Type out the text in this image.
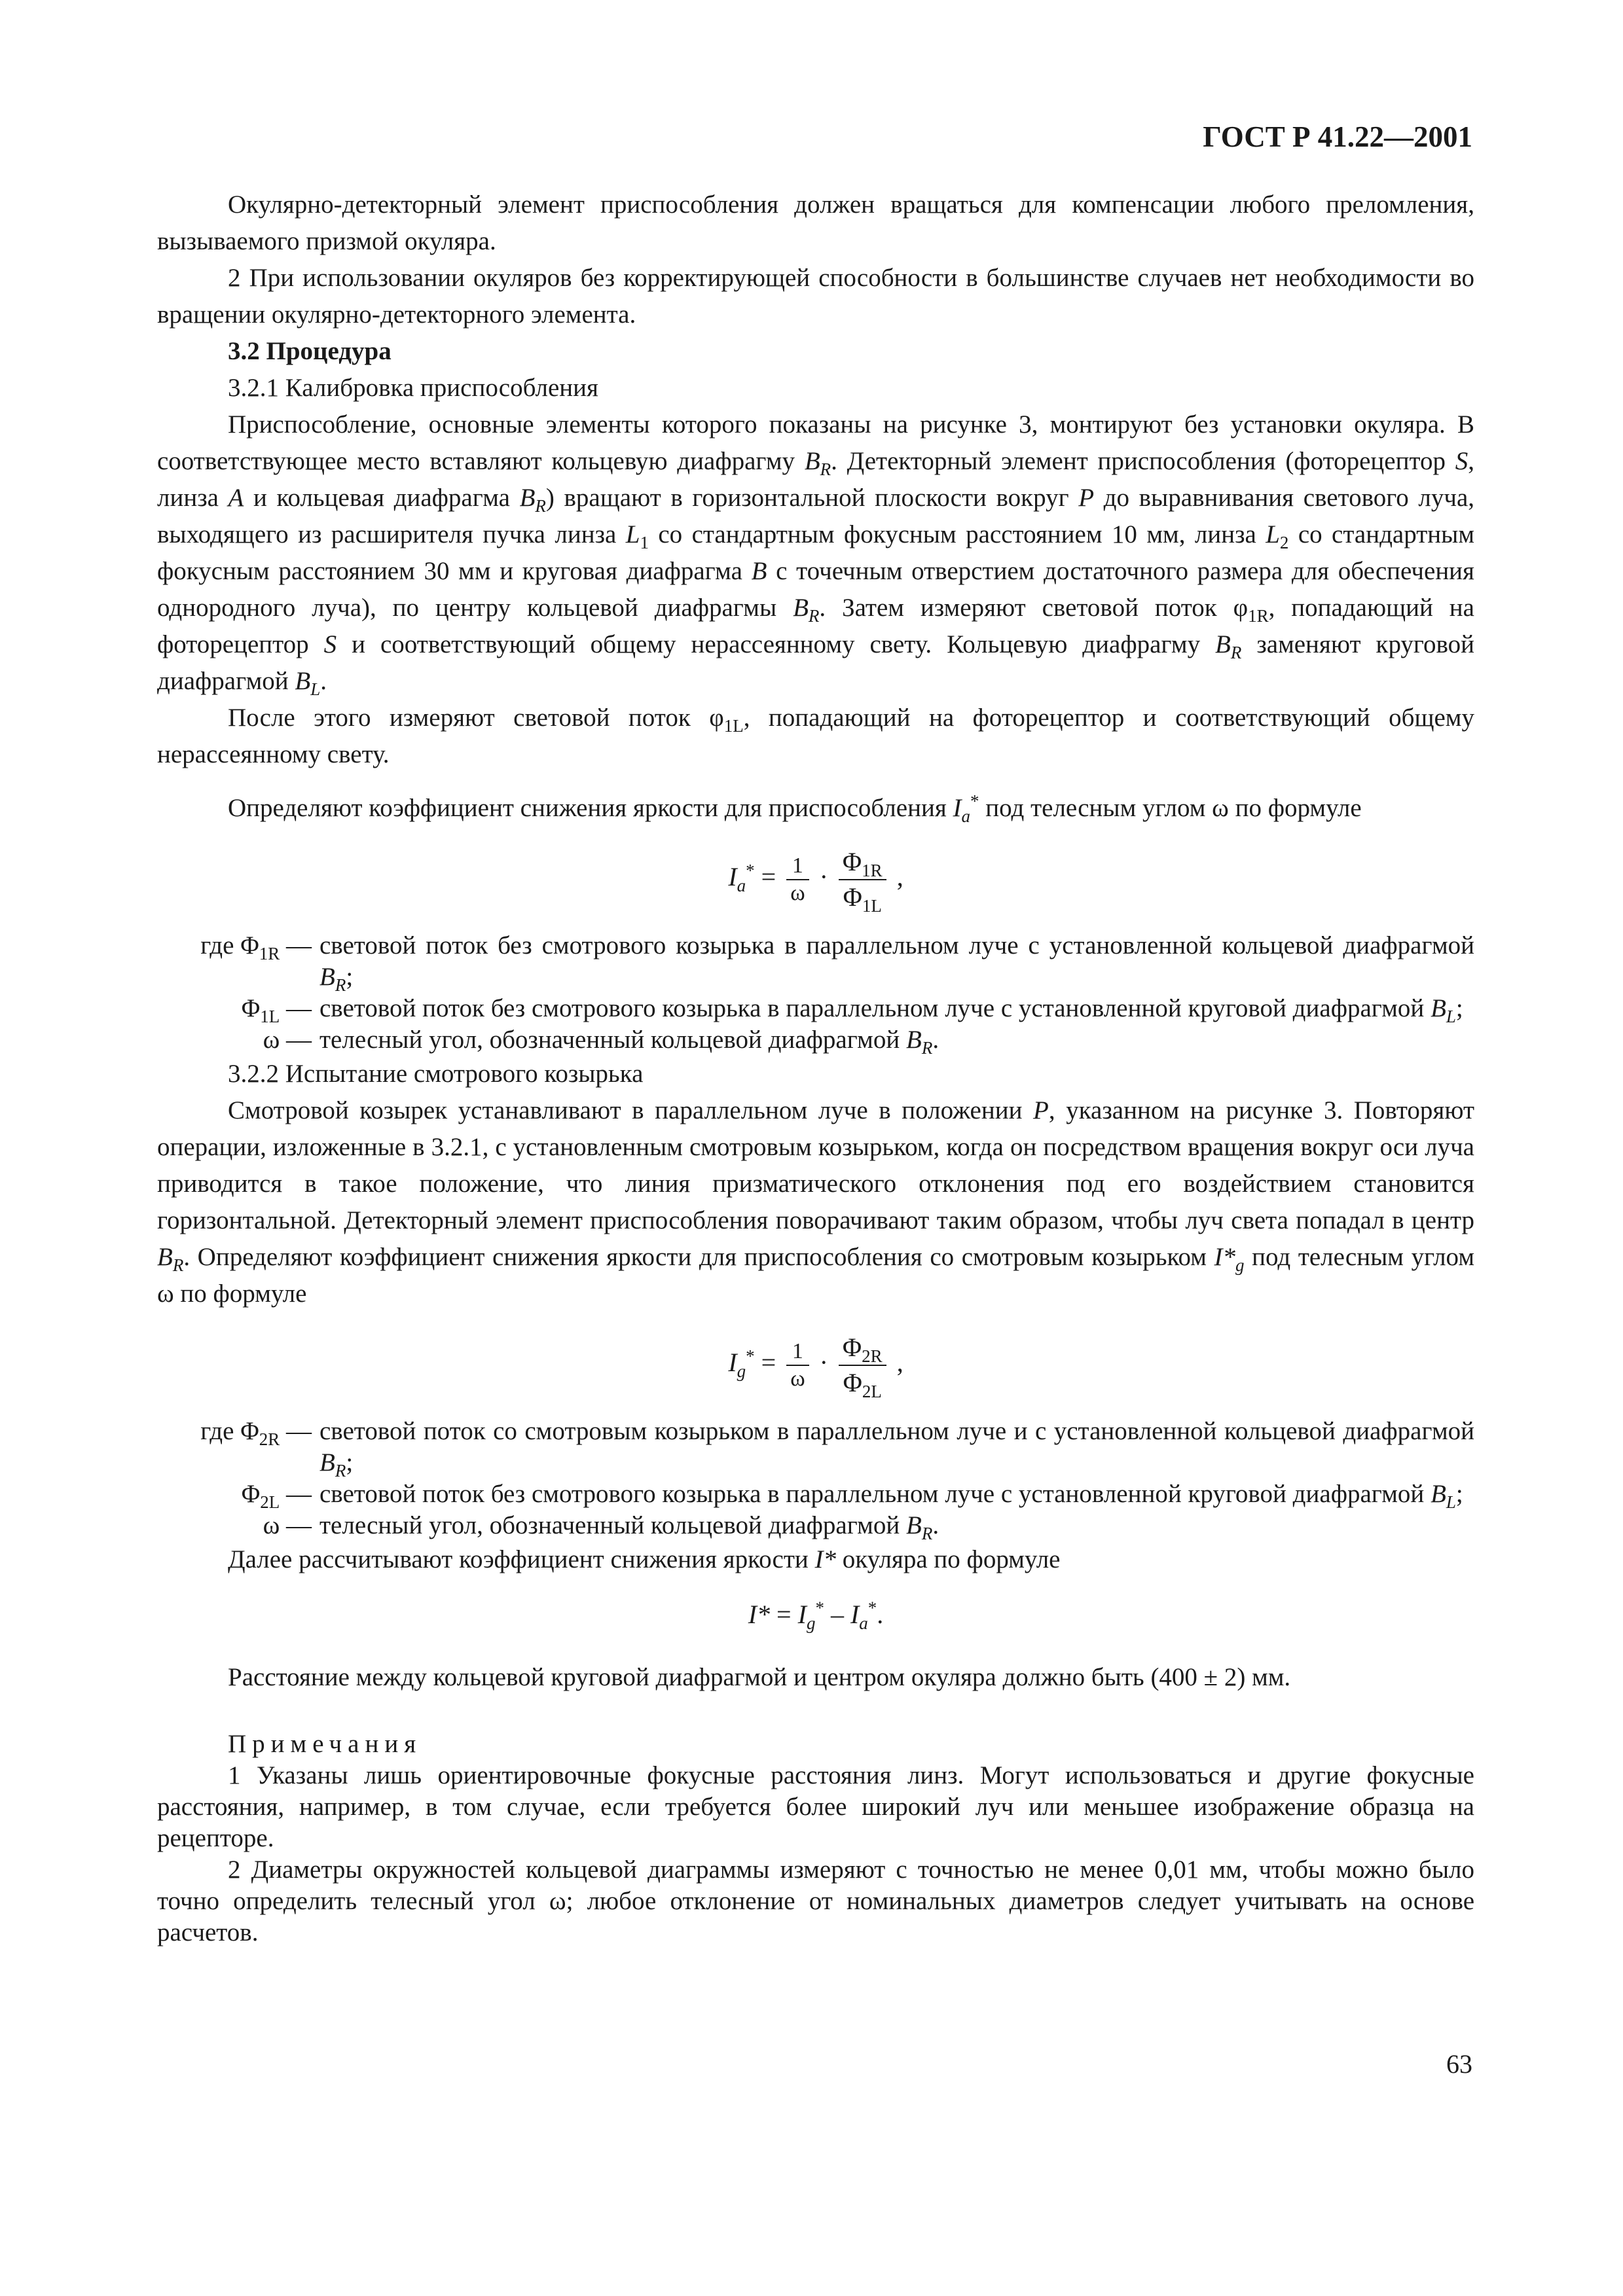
ГОСТ Р 41.22—2001

Окулярно-детекторный элемент приспособления должен вращаться для компенсации любого преломления, вызываемого призмой окуляра.

2 При использовании окуляров без корректирующей способности в большинстве случаев нет необходимости во вращении окулярно-детекторного элемента.

3.2 Процедура

3.2.1 Калибровка приспособления

Приспособление, основные элементы которого показаны на рисунке 3, монтируют без установки окуляра. В соответствующее место вставляют кольцевую диафрагму $B_R$. Детекторный элемент приспособления (фоторецептор S, линза A и кольцевая диафрагма $B_R$) вращают в горизонтальной плоскости вокруг P до выравнивания светового луча, выходящего из расширителя пучка линза $L_1$ со стандартным фокусным расстоянием 10 мм, линза $L_2$ со стандартным фокусным расстоянием 30 мм и круговая диафрагма B с точечным отверстием достаточного размера для обеспечения однородного луча), по центру кольцевой диафрагмы $B_R$. Затем измеряют световой поток $\varphi_{1R}$, попадающий на фоторецептор S и соответствующий общему нерассеянному свету. Кольцевую диафрагму $B_R$ заменяют круговой диафрагмой $B_L$.

После этого измеряют световой поток $\varphi_{1L}$, попадающий на фоторецептор и соответствующий общему нерассеянному свету.

Определяют коэффициент снижения яркости для приспособления $I_a^*$ под телесным углом ω по формуле

$I_a^* = \frac{1}{\omega} \cdot \frac{\Phi_{1R}}{\Phi_{1L}}$ ,
где $\Phi_{1R}$ — световой поток без смотрового козырька в параллельном луче с установленной кольцевой диафрагмой $B_R$;
$\Phi_{1L}$ — световой поток без смотрового козырька в параллельном луче с установленной круговой диафрагмой $B_L$;
ω — телесный угол, обозначенный кольцевой диафрагмой $B_R$.

3.2.2 Испытание смотрового козырька

Смотровой козырек устанавливают в параллельном луче в положении P, указанном на рисунке 3. Повторяют операции, изложенные в 3.2.1, с установленным смотровым козырьком, когда он посредством вращения вокруг оси луча приводится в такое положение, что линия призматического отклонения под его воздействием становится горизонтальной. Детекторный элемент приспособления поворачивают таким образом, чтобы луч света попадал в центр $B_R$. Определяют коэффициент снижения яркости для приспособления со смотровым козырьком $I*_g$ под телесным углом ω по формуле

$I_g^* = \frac{1}{\omega} \cdot \frac{\Phi_{2R}}{\Phi_{2L}}$ ,
где $\Phi_{2R}$ — световой поток со смотровым козырьком в параллельном луче и с установленной кольцевой диафрагмой $B_R$;
$\Phi_{2L}$ — световой поток без смотрового козырька в параллельном луче с установленной круговой диафрагмой $B_L$;
ω — телесный угол, обозначенный кольцевой диафрагмой $B_R$.

Далее рассчитывают коэффициент снижения яркости I* окуляра по формуле

$I* = I_g^* - I_a^*$.

Расстояние между кольцевой круговой диафрагмой и центром окуляра должно быть (400 ± 2) мм.

Примечания

1 Указаны лишь ориентировочные фокусные расстояния линз. Могут использоваться и другие фокусные расстояния, например, в том случае, если требуется более широкий луч или меньшее изображение образца на рецепторе.

2 Диаметры окружностей кольцевой диаграммы измеряют с точностью не менее 0,01 мм, чтобы можно было точно определить телесный угол ω; любое отклонение от номинальных диаметров следует учитывать на основе расчетов.

63
